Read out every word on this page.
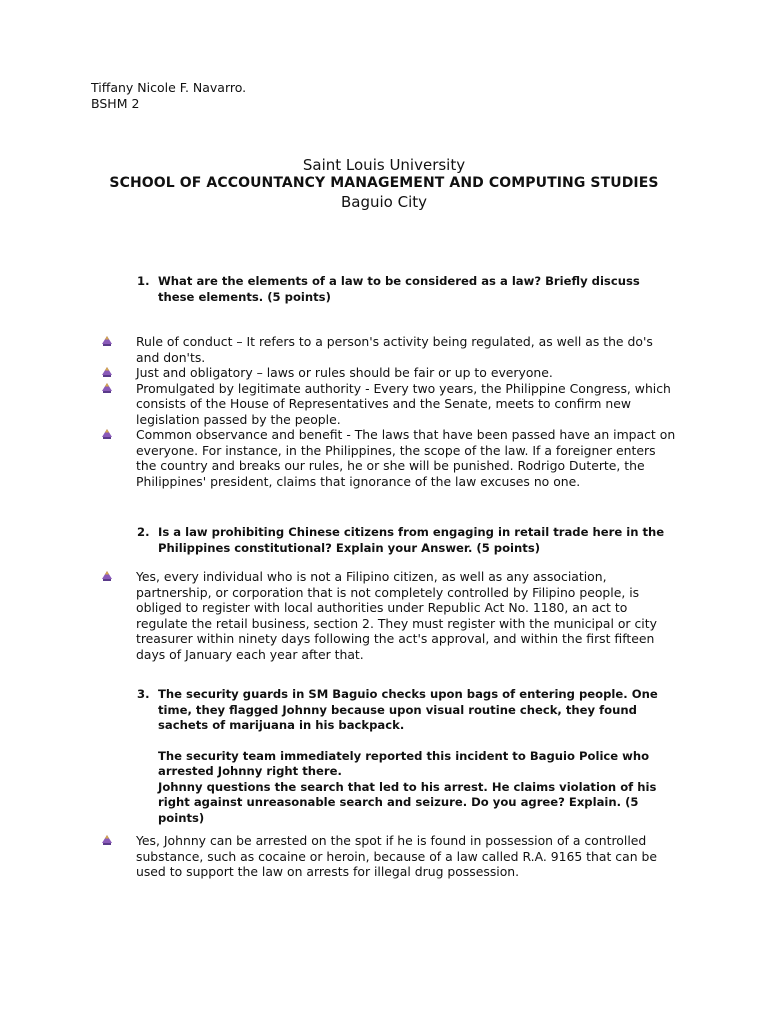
Tiffany Nicole F. Navarro.
BSHM 2
Saint Louis University
SCHOOL OF ACCOUNTANCY MANAGEMENT AND COMPUTING STUDIES
Baguio City
1. What are the elements of a law to be considered as a law? Briefly discuss these elements. (5 points)
Rule of conduct – It refers to a person's activity being regulated, as well as the do's and don'ts.
Just and obligatory – laws or rules should be fair or up to everyone.
Promulgated by legitimate authority - Every two years, the Philippine Congress, which consists of the House of Representatives and the Senate, meets to confirm new legislation passed by the people.
Common observance and benefit - The laws that have been passed have an impact on everyone. For instance, in the Philippines, the scope of the law. If a foreigner enters the country and breaks our rules, he or she will be punished. Rodrigo Duterte, the Philippines' president, claims that ignorance of the law excuses no one.
2. Is a law prohibiting Chinese citizens from engaging in retail trade here in the Philippines constitutional? Explain your Answer. (5 points)
Yes, every individual who is not a Filipino citizen, as well as any association, partnership, or corporation that is not completely controlled by Filipino people, is obliged to register with local authorities under Republic Act No. 1180, an act to regulate the retail business, section 2. They must register with the municipal or city treasurer within ninety days following the act's approval, and within the first fifteen days of January each year after that.
3. The security guards in SM Baguio checks upon bags of entering people. One time, they flagged Johnny because upon visual routine check, they found sachets of marijuana in his backpack.
The security team immediately reported this incident to Baguio Police who arrested Johnny right there.
Johnny questions the search that led to his arrest. He claims violation of his right against unreasonable search and seizure. Do you agree? Explain. (5 points)
Yes, Johnny can be arrested on the spot if he is found in possession of a controlled substance, such as cocaine or heroin, because of a law called R.A. 9165 that can be used to support the law on arrests for illegal drug possession.
